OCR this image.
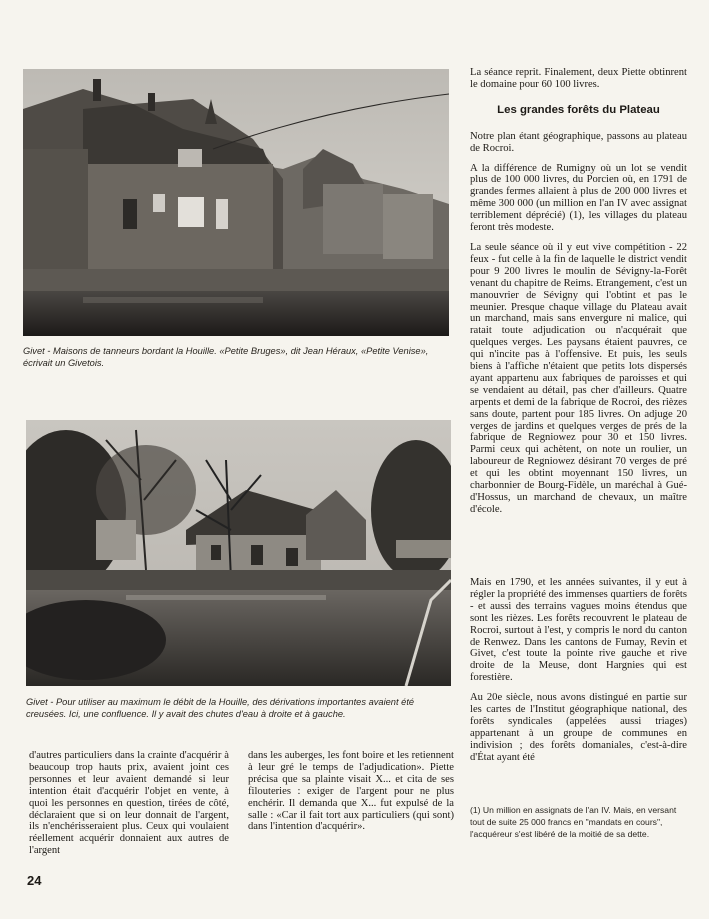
Givet - Maisons de tanneurs bordant la Houille. «Petite Bruges», dit Jean Héraux, «Petite Venise», écrivait un Givetois.
Givet - Pour utiliser au maximum le débit de la Houille, des dérivations importantes avaient été creusées. Ici, une confluence. Il y avait des chutes d'eau à droite et à gauche.

La séance reprit. Finalement, deux Piette obtinrent le domaine pour 60 100 livres.

Les grandes forêts du Plateau

Notre plan étant géographique, passons au plateau de Rocroi.

A la différence de Rumigny où un lot se vendit plus de 100 000 livres, du Porcien où, en 1791 de grandes fermes allaient à plus de 200 000 livres et même 300 000 (un million en l'an IV avec assignat terriblement déprécié) (1), les villages du plateau feront très modeste.

La seule séance où il y eut vive compétition - 22 feux - fut celle à la fin de laquelle le district vendit pour 9 200 livres le moulin de Sévigny-la-Forêt venant du chapitre de Reims. Etrangement, c'est un manouvrier de Sévigny qui l'obtint et pas le meunier. Presque chaque village du Plateau avait un marchand, mais sans envergure ni malice, qui ratait toute adjudication ou n'acquérait que quelques verges. Les paysans étaient pauvres, ce qui n'incite pas à l'offensive. Et puis, les seuls biens à l'affiche n'étaient que petits lots dispersés ayant appartenu aux fabriques de paroisses et qui se vendaient au détail, pas cher d'ailleurs. Quatre arpents et demi de la fabrique de Rocroi, des rièzes sans doute, partent pour 185 livres. On adjuge 20 verges de jardins et quelques verges de prés de la fabrique de Regniowez pour 30 et 150 livres. Parmi ceux qui achètent, on note un roulier, un laboureur de Regniowez désirant 70 verges de pré et qui les obtint moyennant 150 livres, un charbonnier de Bourg-Fidèle, un maréchal à Gué-d'Hossus, un marchand de chevaux, un maître d'école.

Mais en 1790, et les années suivantes, il y eut à régler la propriété des immenses quartiers de forêts - et aussi des terrains vagues moins étendus que sont les rièzes. Les forêts recouvrent le plateau de Rocroi, surtout à l'est, y compris le nord du canton de Renwez. Dans les cantons de Fumay, Revin et Givet, c'est toute la pointe rive gauche et rive droite de la Meuse, dont Hargnies qui est forestière.

Au 20e siècle, nous avons distingué en partie sur les cartes de l'Institut géographique national, des forêts syndicales (appelées aussi triages) appartenant à un groupe de communes en indivision ; des forêts domaniales, c'est-à-dire d'État ayant été

(1) Un million en assignats de l'an IV. Mais, en versant tout de suite 25 000 francs en "mandats en cours", l'acquéreur s'est libéré de la moitié de sa dette.

d'autres particuliers dans la crainte d'acquérir à beaucoup trop hauts prix, avaient joint ces personnes et leur avaient demandé si leur intention était d'acquérir l'objet en vente, à quoi les personnes en question, tirées de côté, déclaraient que si on leur donnait de l'argent, ils n'enchérisseraient plus. Ceux qui voulaient réellement acquérir donnaient aux autres de l'argent

dans les auberges, les font boire et les retiennent à leur gré le temps de l'adjudication». Piette précisa que sa plainte visait X... et cita de ses filouteries : exiger de l'argent pour ne plus enchérir. Il demanda que X... fut expulsé de la salle : «Car il fait tort aux particuliers (qui sont) dans l'intention d'acquérir».

24
